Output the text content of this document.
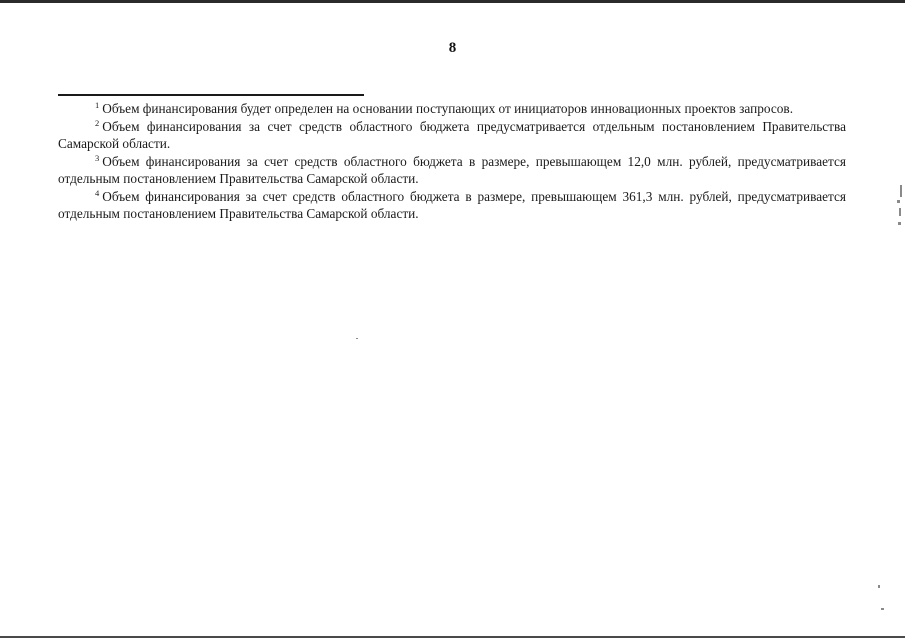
8

$^1$ Объем финансирования будет определен на основании поступающих от инициаторов инновационных проектов запросов.

$^2$ Объем финансирования за счет средств областного бюджета предусматривается отдельным постановлением Правительства Самарской области.

$^3$ Объем финансирования за счет средств областного бюджета в размере, превышающем 12,0 млн. рублей, предусматривается отдельным постановлением Правительства Самарской области.

$^4$ Объем финансирования за счет средств областного бюджета в размере, превышающем 361,3 млн. рублей, предусматривается отдельным постановлением Правительства Самарской области.
